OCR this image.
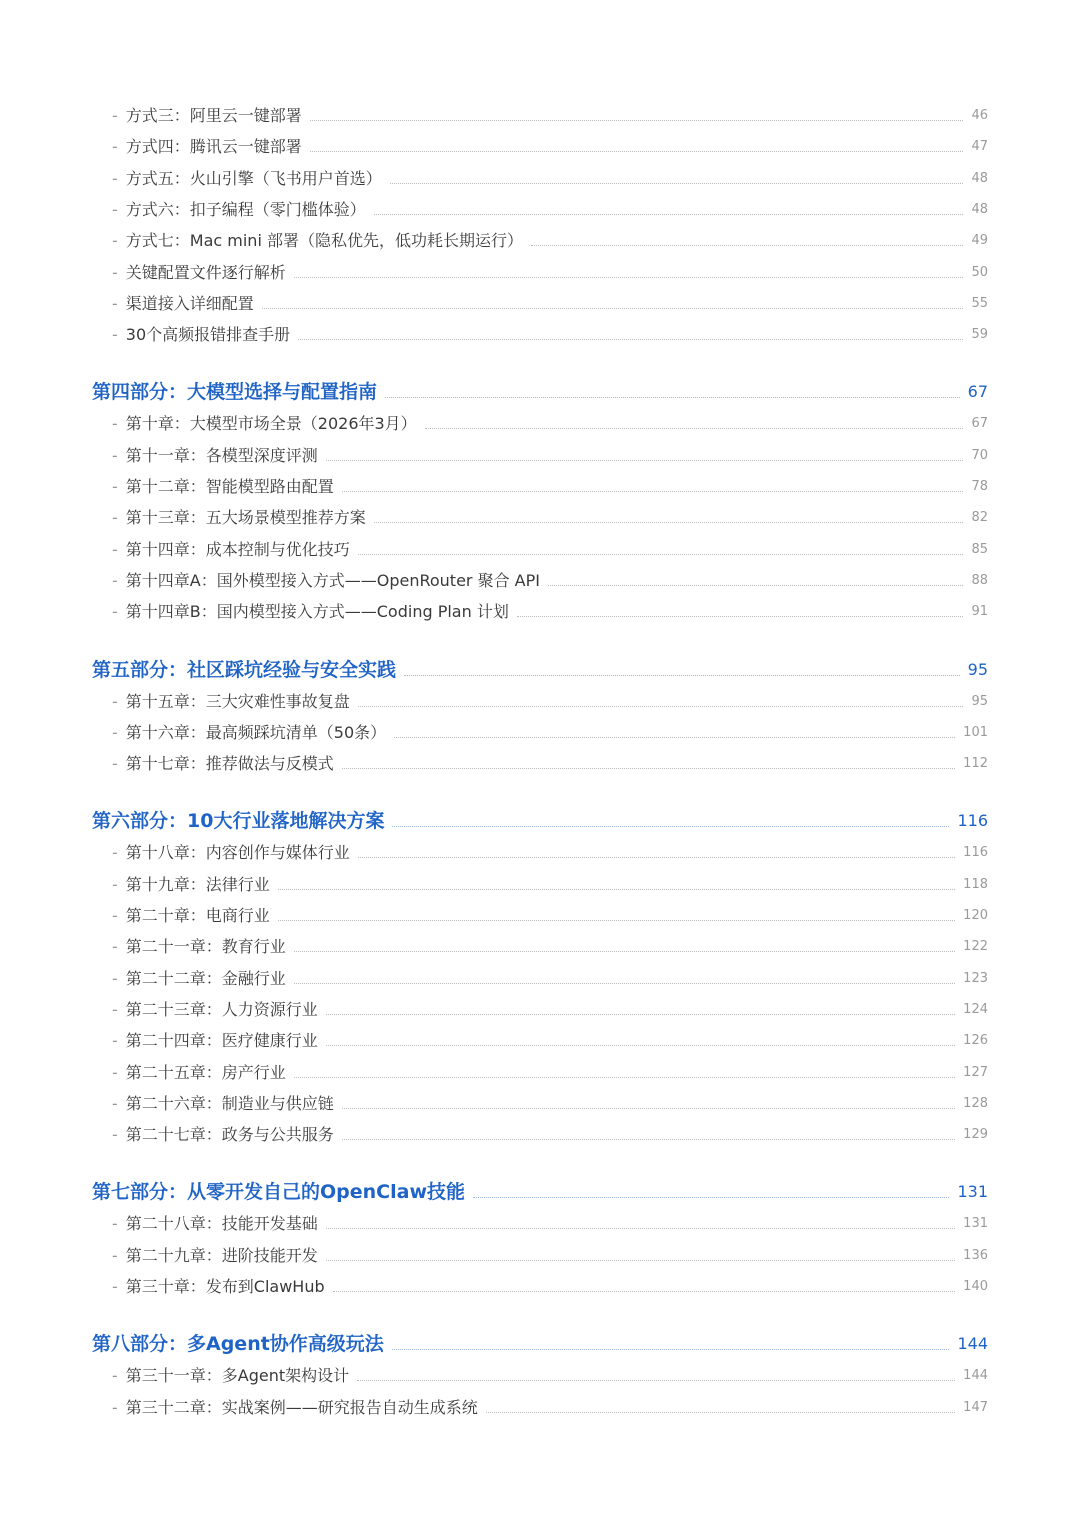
- 方式三：阿里云一键部署	46
- 方式四：腾讯云一键部署	47
- 方式五：火山引擎（飞书用户首选）	48
- 方式六：扣子编程（零门槛体验）	48
- 方式七：Mac mini 部署（隐私优先，低功耗长期运行）	49
- 关键配置文件逐行解析	50
- 渠道接入详细配置	55
- 30个高频报错排查手册	59
第四部分：大模型选择与配置指南	67
- 第十章：大模型市场全景（2026年3月）	67
- 第十一章：各模型深度评测	70
- 第十二章：智能模型路由配置	78
- 第十三章：五大场景模型推荐方案	82
- 第十四章：成本控制与优化技巧	85
- 第十四章A：国外模型接入方式——OpenRouter 聚合 API	88
- 第十四章B：国内模型接入方式——Coding Plan 计划	91
第五部分：社区踩坑经验与安全实践	95
- 第十五章：三大灾难性事故复盘	95
- 第十六章：最高频踩坑清单（50条）	101
- 第十七章：推荐做法与反模式	112
第六部分：10大行业落地解决方案	116
- 第十八章：内容创作与媒体行业	116
- 第十九章：法律行业	118
- 第二十章：电商行业	120
- 第二十一章：教育行业	122
- 第二十二章：金融行业	123
- 第二十三章：人力资源行业	124
- 第二十四章：医疗健康行业	126
- 第二十五章：房产行业	127
- 第二十六章：制造业与供应链	128
- 第二十七章：政务与公共服务	129
第七部分：从零开发自己的OpenClaw技能	131
- 第二十八章：技能开发基础	131
- 第二十九章：进阶技能开发	136
- 第三十章：发布到ClawHub	140
第八部分：多Agent协作高级玩法	144
- 第三十一章：多Agent架构设计	144
- 第三十二章：实战案例——研究报告自动生成系统	147
